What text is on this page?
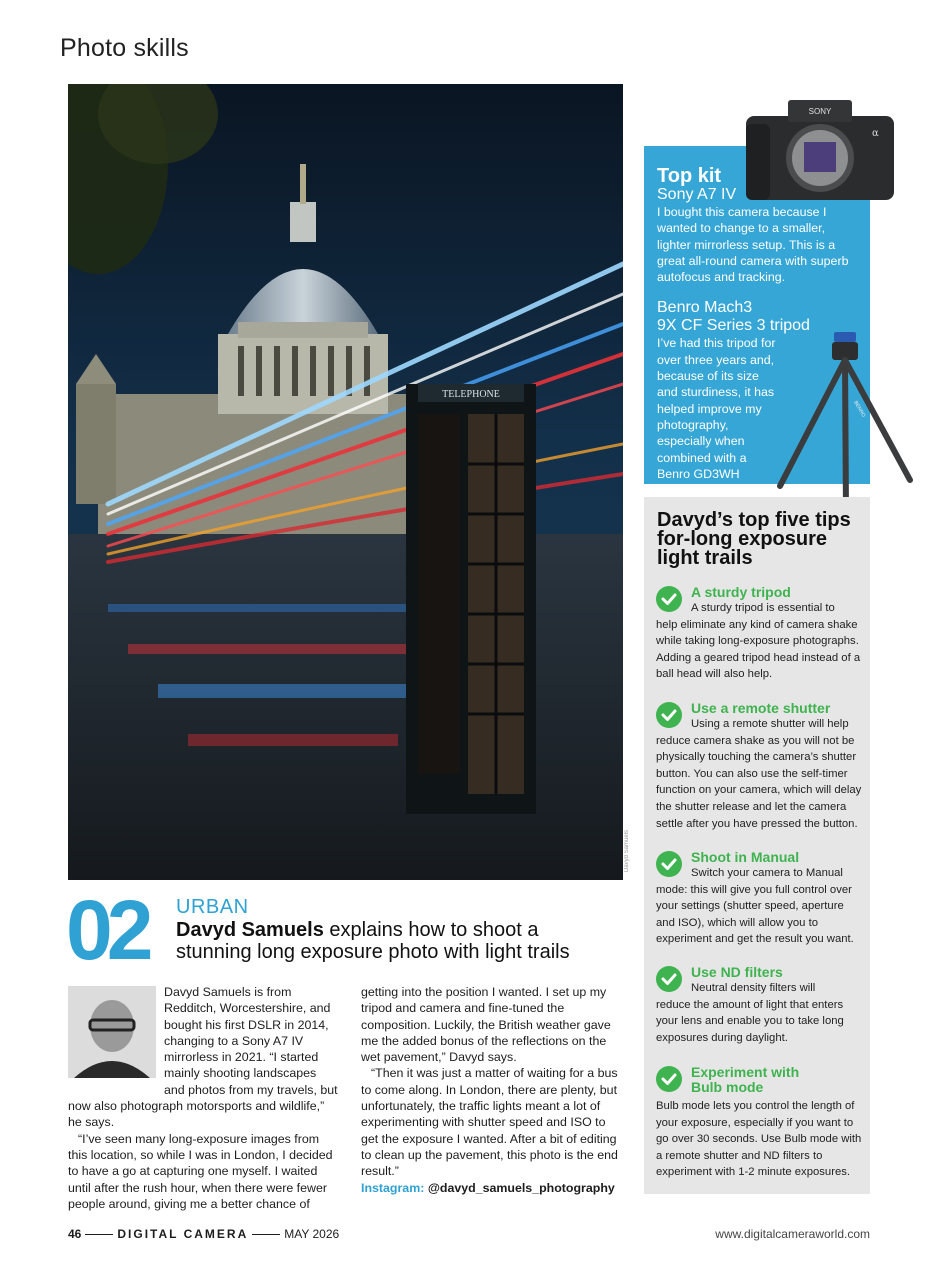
Photo skills
TELEPHONE
Davyd Samuels
02 URBAN
Davyd Samuels explains how to shoot a stunning long exposure photo with light trails

Davyd Samuels is from Redditch, Worcestershire, and bought his first DSLR in 2014, changing to a Sony A7 IV mirrorless in 2021. “I started mainly shooting landscapes and photos from my travels, but now also photograph motorsports and wildlife,” he says.

“I’ve seen many long-exposure images from this location, so while I was in London, I decided to have a go at capturing one myself. I waited until after the rush hour, when there were fewer people around, giving me a better chance of

getting into the position I wanted. I set up my tripod and camera and fine-tuned the composition. Luckily, the British weather gave me the added bonus of the reflections on the wet pavement,” Davyd says.

“Then it was just a matter of waiting for a bus to come along. In London, there are plenty, but unfortunately, the traffic lights meant a lot of experimenting with shutter speed and ISO to get the exposure I wanted. After a bit of editing to clean up the pavement, this photo is the end result.”

Instagram: @davyd_samuels_photography

Top kit
Sony A7 IV
I bought this camera because I wanted to change to a smaller, lighter mirrorless setup. This is a great all-round camera with superb autofocus and tracking.
Benro Mach3
9X CF Series 3 tripod
I’ve had this tripod for over three years and, because of its size and sturdiness, it has helped improve my photography, especially when combined with a Benro GD3WH geared tripod head.
SONY
α
BENRO
Davyd’s top five tips for-long exposure light trails
A sturdy tripod
A sturdy tripod is essential to
help eliminate any kind of camera shake while taking long-exposure photographs. Adding a geared tripod head instead of a ball head will also help.
Use a remote shutter
Using a remote shutter will help
reduce camera shake as you will not be physically touching the camera’s shutter button. You can also use the self-timer function on your camera, which will delay the shutter release and let the camera settle after you have pressed the button.
Shoot in Manual
Switch your camera to Manual
mode: this will give you full control over your settings (shutter speed, aperture and ISO), which will allow you to experiment and get the result you want.
Use ND filters
Neutral density filters will
reduce the amount of light that enters your lens and enable you to take long exposures during daylight.
Experiment with Bulb mode
Bulb mode lets you control the length of your exposure, especially if you want to go over 30 seconds. Use Bulb mode with a remote shutter and ND filters to experiment with 1-2 minute exposures.
46	DIGITAL CAMERA	MAY 2026	www.digitalcameraworld.com
